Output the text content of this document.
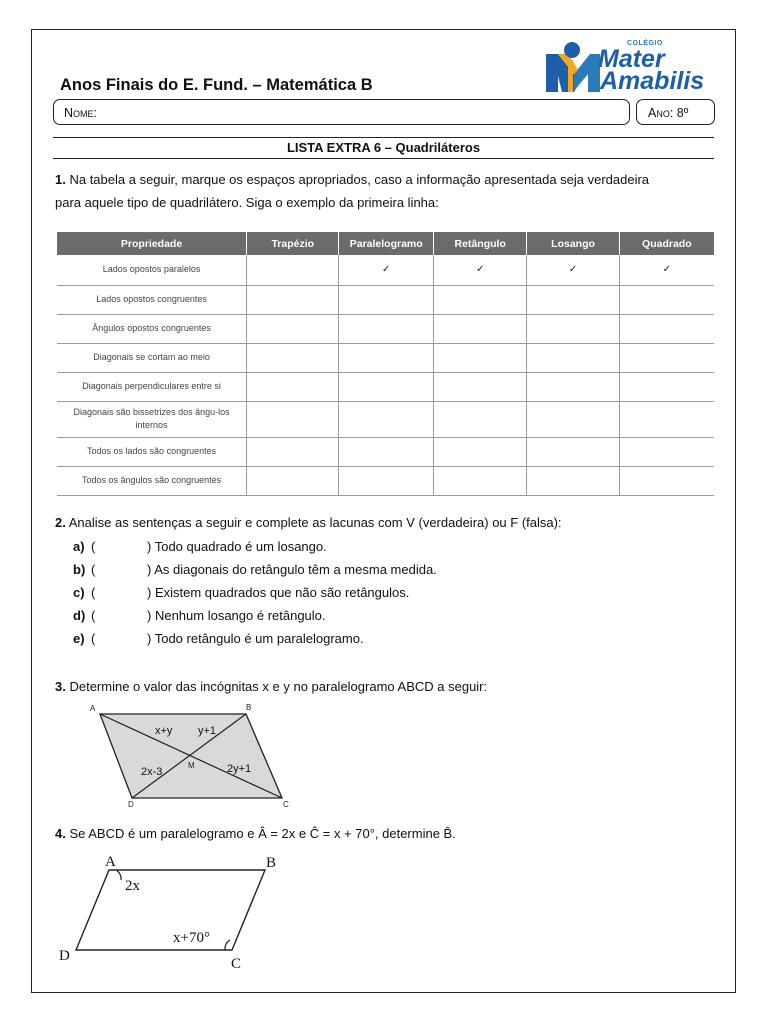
Anos Finais do E. Fund. – Matemática B
COLÉGIO
Mater
Amabilis
Nome:	Ano: 8º
LISTA EXTRA 6 – Quadriláteros
1. Na tabela a seguir, marque os espaços apropriados, caso a informação apresentada seja verdadeira
para aquele tipo de quadrilátero. Siga o exemplo da primeira linha:
Propriedade	Trapézio	Paralelogramo	Retângulo	Losango	Quadrado
Lados opostos paralelos		✓	✓	✓	✓
Lados opostos congruentes					
Ângulos opostos congruentes					
Diagonais se cortam ao meio					
Diagonais perpendiculares entre si					
Diagonais são bissetrizes dos ângu-los internos					
Todos os lados são congruentes					
Todos os ângulos são congruentes					
2. Analise as sentenças a seguir e complete as lacunas com V (verdadeira) ou F (falsa):
a) (	) Todo quadrado é um losango.
b) (	) As diagonais do retângulo têm a mesma medida.
c) (	) Existem quadrados que não são retângulos.
d) (	) Nenhum losango é retângulo.
e) (	) Todo retângulo é um paralelogramo.
3. Determine o valor das incógnitas x e y no paralelogramo ABCD a seguir:
A	B
C
D
M
x+y y+1
2x-3	2y+1
4. Se ABCD é um paralelogramo e Â = 2x e Ĉ = x + 70°, determine B̂.
A	B
C
D
2x
x+70°
